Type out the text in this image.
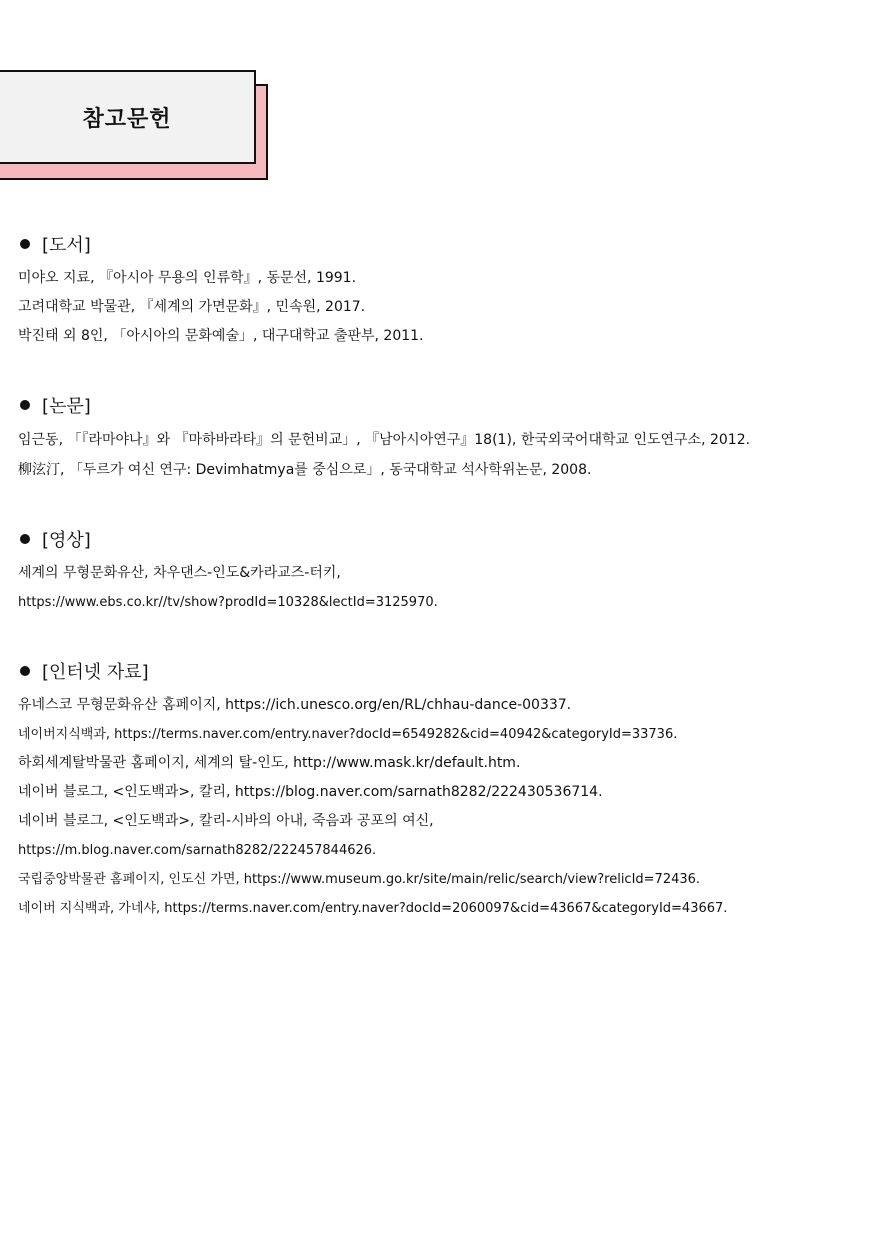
참고문헌
[도서]
미야오 지료, 『아시아 무용의 인류학』, 동문선, 1991.
고려대학교 박물관, 『세계의 가면문화』, 민속원, 2017.
박진태 외 8인, 「아시아의 문화예술」, 대구대학교 출판부, 2011.
[논문]
임근동, 「『라마야나』와 『마하바라타』의 문헌비교」, 『남아시아연구』18(1), 한국외국어대학교 인도연구소, 2012.
柳泫汀, 「두르가 여신 연구: Devimhatmya를 중심으로」, 동국대학교 석사학위논문, 2008.
[영상]
세계의 무형문화유산, 차우댄스-인도&카라교즈-터키,
https://www.ebs.co.kr//tv/show?prodId=10328&lectId=3125970.
[인터넷 자료]
유네스코 무형문화유산 홈페이지, https://ich.unesco.org/en/RL/chhau-dance-00337.
네이버지식백과, https://terms.naver.com/entry.naver?docId=6549282&cid=40942&categoryId=33736.
하회세계탈박물관 홈페이지, 세계의 탈-인도, http://www.mask.kr/default.htm.
네이버 블로그, <인도백과>, 칼리, https://blog.naver.com/sarnath8282/222430536714.
네이버 블로그, <인도백과>, 칼리-시바의 아내, 죽음과 공포의 여신,
https://m.blog.naver.com/sarnath8282/222457844626.
국립중앙박물관 홈페이지, 인도신 가면, https://www.museum.go.kr/site/main/relic/search/view?relicId=72436.
네이버 지식백과, 가네샤, https://terms.naver.com/entry.naver?docId=2060097&cid=43667&categoryId=43667.
